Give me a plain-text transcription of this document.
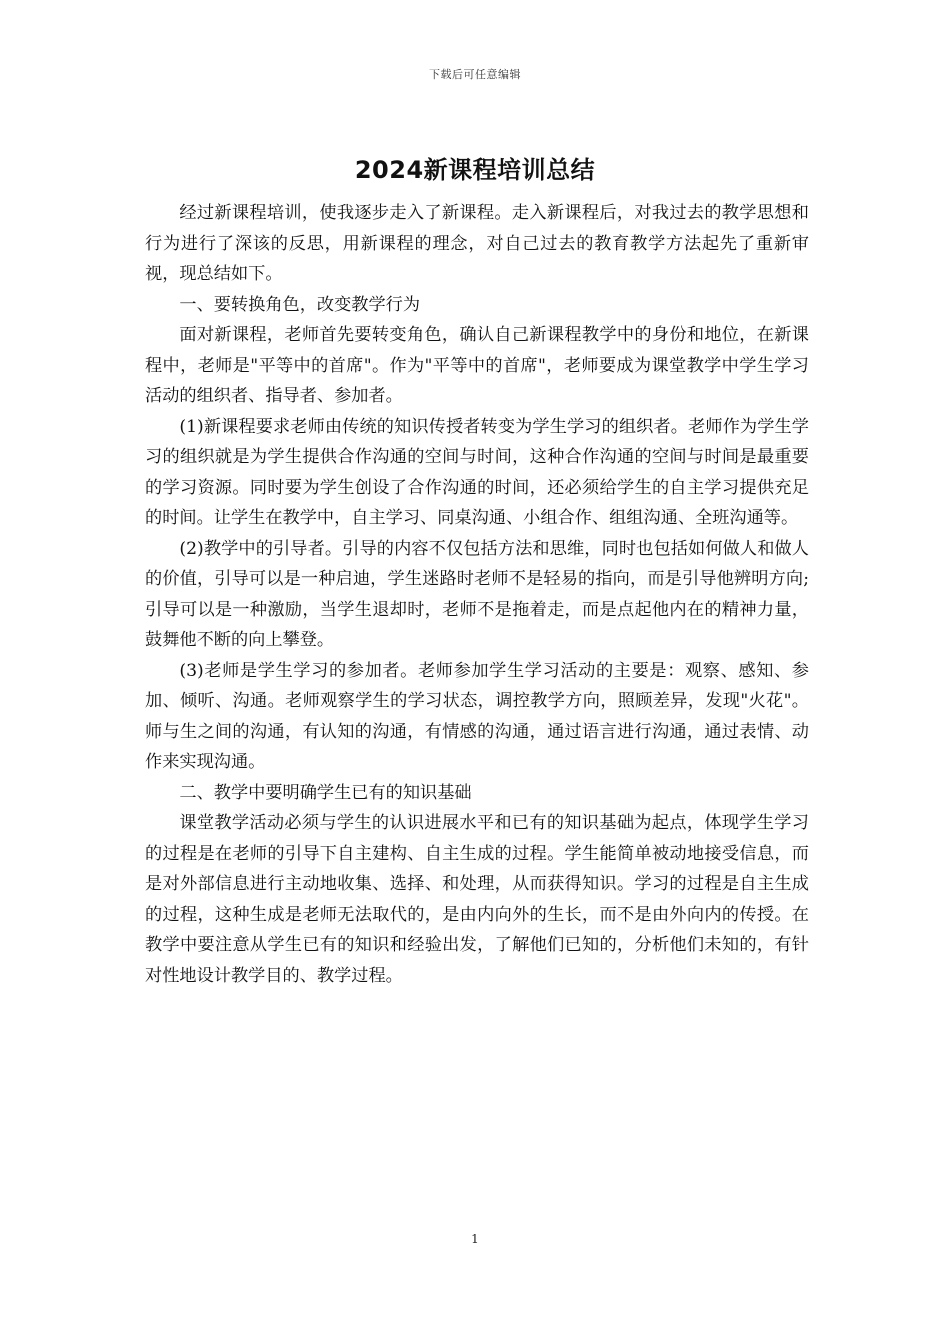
下载后可任意编辑
2024新课程培训总结

经过新课程培训，使我逐步走入了新课程。走入新课程后，对我过去的教学思想和行为进行了深该的反思，用新课程的理念，对自己过去的教育教学方法起先了重新审视，现总结如下。

一、要转换角色，改变教学行为

面对新课程，老师首先要转变角色，确认自己新课程教学中的身份和地位，在新课程中，老师是"平等中的首席"。作为"平等中的首席"，老师要成为课堂教学中学生学习活动的组织者、指导者、参加者。

(1)新课程要求老师由传统的知识传授者转变为学生学习的组织者。老师作为学生学习的组织就是为学生提供合作沟通的空间与时间，这种合作沟通的空间与时间是最重要的学习资源。同时要为学生创设了合作沟通的时间，还必须给学生的自主学习提供充足的时间。让学生在教学中，自主学习、同桌沟通、小组合作、组组沟通、全班沟通等。

(2)教学中的引导者。引导的内容不仅包括方法和思维，同时也包括如何做人和做人的价值，引导可以是一种启迪，学生迷路时老师不是轻易的指向，而是引导他辨明方向;引导可以是一种激励，当学生退却时，老师不是拖着走，而是点起他内在的精神力量，鼓舞他不断的向上攀登。

(3)老师是学生学习的参加者。老师参加学生学习活动的主要是：观察、感知、参加、倾听、沟通。老师观察学生的学习状态，调控教学方向，照顾差异，发现"火花"。师与生之间的沟通，有认知的沟通，有情感的沟通，通过语言进行沟通，通过表情、动作来实现沟通。

二、教学中要明确学生已有的知识基础

课堂教学活动必须与学生的认识进展水平和已有的知识基础为起点，体现学生学习的过程是在老师的引导下自主建构、自主生成的过程。学生能简单被动地接受信息，而是对外部信息进行主动地收集、选择、和处理，从而获得知识。学习的过程是自主生成的过程，这种生成是老师无法取代的，是由内向外的生长，而不是由外向内的传授。在教学中要注意从学生已有的知识和经验出发，了解他们已知的，分析他们未知的，有针对性地设计教学目的、教学过程。

1
